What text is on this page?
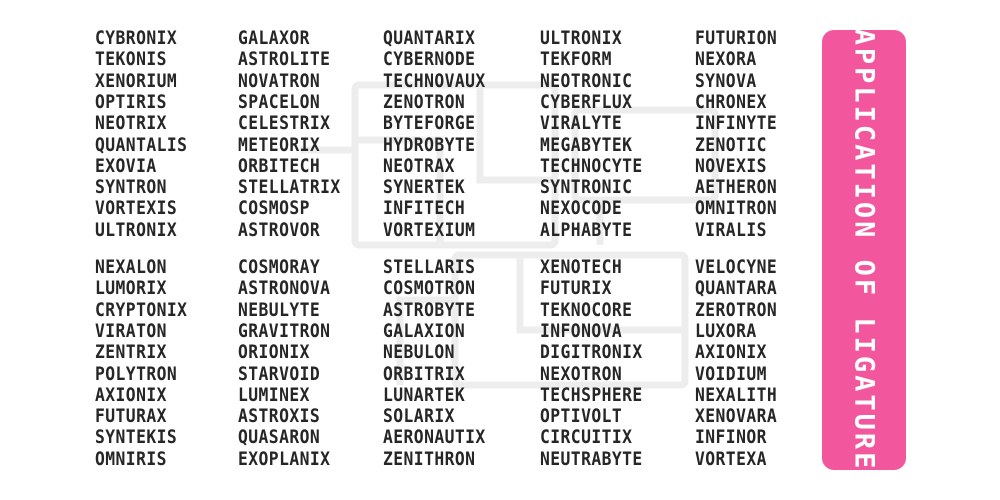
CYBRONIX
TEKONIS
XENORIUM
OPTIRIS
NEOTRIX
QUANTALIS
EXOVIA
SYNTRON
VORTEXIS
ULTRONIX
NEXALON
LUMORIX
CRYPTONIX
VIRATON
ZENTRIX
POLYTRON
AXIONIX
FUTURAX
SYNTEKIS
OMNIRIS
GALAXOR
ASTROLITE
NOVATRON
SPACELON
CELESTRIX
METEORIX
ORBITECH
STELLATRIX
COSMOSP
ASTROVOR
COSMORAY
ASTRONOVA
NEBULYTE
GRAVITRON
ORIONIX
STARVOID
LUMINEX
ASTROXIS
QUASARON
EXOPLANIX
QUANTARIX
CYBERNODE
TECHNOVAUX
ZENOTRON
BYTEFORGE
HYDROBYTE
NEOTRAX
SYNERTEK
INFITECH
VORTEXIUM
STELLARIS
COSMOTRON
ASTROBYTE
GALAXION
NEBULON
ORBITRIX
LUNARTEK
SOLARIX
AERONAUTIX
ZENITHRON
ULTRONIX
TEKFORM
NEOTRONIC
CYBERFLUX
VIRALYTE
MEGABYTEK
TECHNOCYTE
SYNTRONIC
NEXOCODE
ALPHABYTE
XENOTECH
FUTURIX
TEKNOCORE
INFONOVA
DIGITRONIX
NEXOTRON
TECHSPHERE
OPTIVOLT
CIRCUITIX
NEUTRABYTE
FUTURION
NEXORA
SYNOVA
CHRONEX
INFINYTE
ZENOTIC
NOVEXIS
AETHERON
OMNITRON
VIRALIS
VELOCYNE
QUANTARA
ZEROTRON
LUXORA
AXIONIX
VOIDIUM
NEXALITH
XENOVARA
INFINOR
VORTEXA	APPLICATION OF LIGATURE
